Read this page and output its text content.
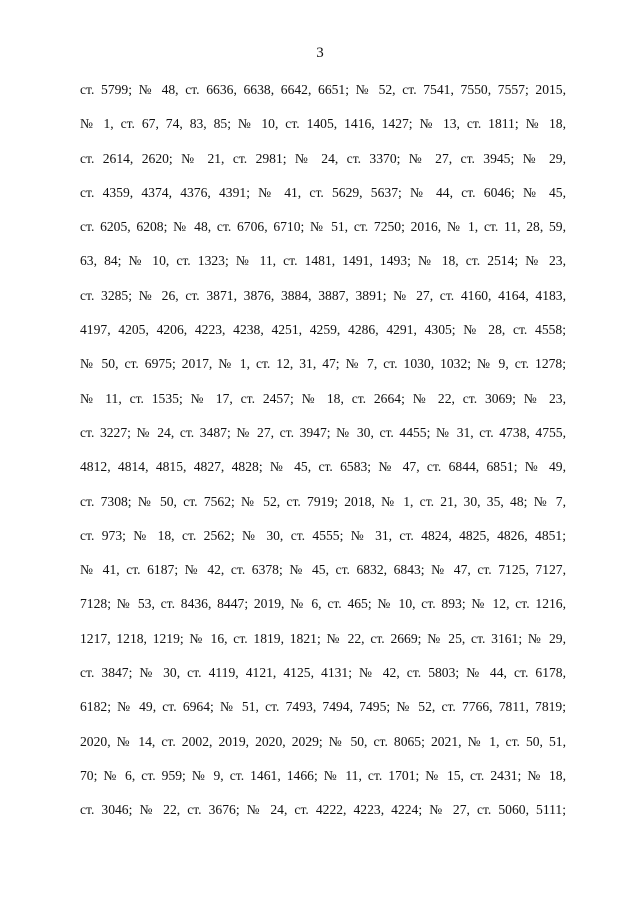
3
ст. 5799; № 48, ст. 6636, 6638, 6642, 6651; № 52, ст. 7541, 7550, 7557; 2015,
№ 1, ст. 67, 74, 83, 85; № 10, ст. 1405, 1416, 1427; № 13, ст. 1811; № 18,
ст. 2614, 2620; № 21, ст. 2981; № 24, ст. 3370; № 27, ст. 3945; № 29,
ст. 4359, 4374, 4376, 4391; № 41, ст. 5629, 5637; № 44, ст. 6046; № 45,
ст. 6205, 6208; № 48, ст. 6706, 6710; № 51, ст. 7250; 2016, № 1, ст. 11, 28, 59,
63, 84; № 10, ст. 1323; № 11, ст. 1481, 1491, 1493; № 18, ст. 2514; № 23,
ст. 3285; № 26, ст. 3871, 3876, 3884, 3887, 3891; № 27, ст. 4160, 4164, 4183,
4197, 4205, 4206, 4223, 4238, 4251, 4259, 4286, 4291, 4305; № 28, ст. 4558;
№ 50, ст. 6975; 2017, № 1, ст. 12, 31, 47; № 7, ст. 1030, 1032; № 9, ст. 1278;
№ 11, ст. 1535; № 17, ст. 2457; № 18, ст. 2664; № 22, ст. 3069; № 23,
ст. 3227; № 24, ст. 3487; № 27, ст. 3947; № 30, ст. 4455; № 31, ст. 4738, 4755,
4812, 4814, 4815, 4827, 4828; № 45, ст. 6583; № 47, ст. 6844, 6851; № 49,
ст. 7308; № 50, ст. 7562; № 52, ст. 7919; 2018, № 1, ст. 21, 30, 35, 48; № 7,
ст. 973; № 18, ст. 2562; № 30, ст. 4555; № 31, ст. 4824, 4825, 4826, 4851;
№ 41, ст. 6187; № 42, ст. 6378; № 45, ст. 6832, 6843; № 47, ст. 7125, 7127,
7128; № 53, ст. 8436, 8447; 2019, № 6, ст. 465; № 10, ст. 893; № 12, ст. 1216,
1217, 1218, 1219; № 16, ст. 1819, 1821; № 22, ст. 2669; № 25, ст. 3161; № 29,
ст. 3847; № 30, ст. 4119, 4121, 4125, 4131; № 42, ст. 5803; № 44, ст. 6178,
6182; № 49, ст. 6964; № 51, ст. 7493, 7494, 7495; № 52, ст. 7766, 7811, 7819;
2020, № 14, ст. 2002, 2019, 2020, 2029; № 50, ст. 8065; 2021, № 1, ст. 50, 51,
70; № 6, ст. 959; № 9, ст. 1461, 1466; № 11, ст. 1701; № 15, ст. 2431; № 18,
ст. 3046; № 22, ст. 3676; № 24, ст. 4222, 4223, 4224; № 27, ст. 5060, 5111;
